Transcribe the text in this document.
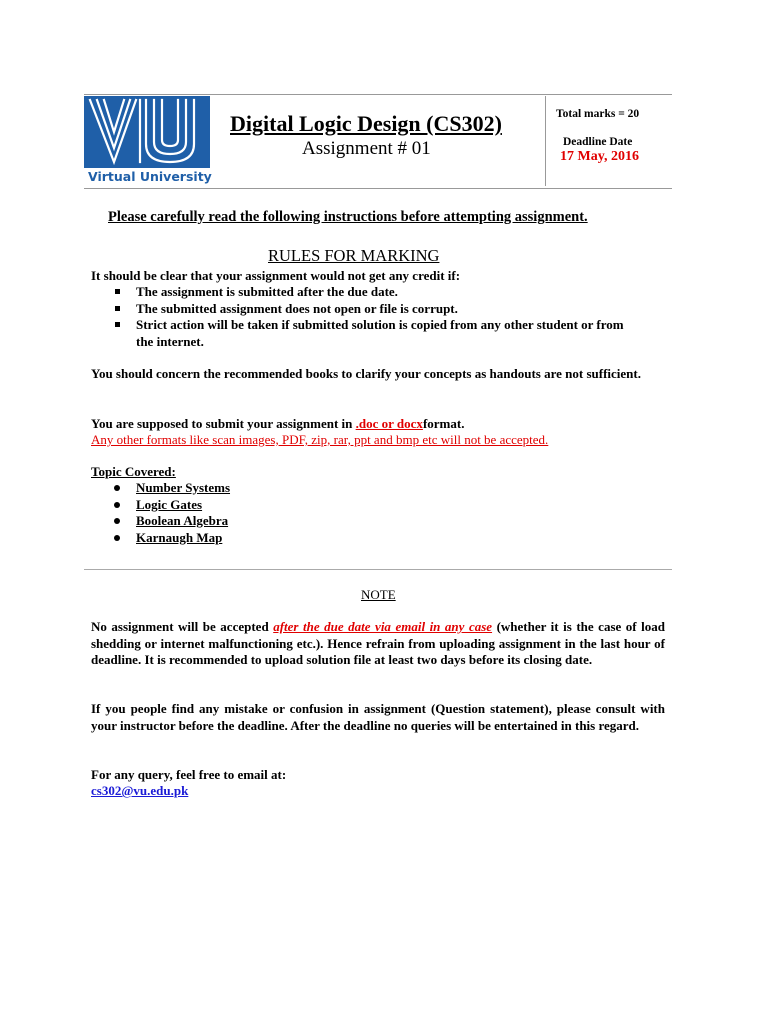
Virtual University
Digital Logic Design (CS302)
Assignment # 01
Total marks = 20
Deadline Date
17 May, 2016
Please carefully read the following instructions before attempting assignment.
RULES FOR MARKING
It should be clear that your assignment would not get any credit if:
The assignment is submitted after the due date.
The submitted assignment does not open or file is corrupt.
Strict action will be taken if submitted solution is copied from any other student or from
the internet.
You should concern the recommended books to clarify your concepts as handouts are not sufficient.
You are supposed to submit your assignment in .doc or docxformat.
Any other formats like scan images, PDF, zip, rar, ppt and bmp etc will not be accepted.
Topic Covered:
Number Systems
Logic Gates
Boolean Algebra
Karnaugh Map
NOTE
No assignment will be accepted after the due date via email in any case (whether it is the case of load shedding or internet malfunctioning etc.). Hence refrain from uploading assignment in the last hour of deadline. It is recommended to upload solution file at least two days before its closing date.
If you people find any mistake or confusion in assignment (Question statement), please consult with your instructor before the deadline. After the deadline no queries will be entertained in this regard.
For any query, feel free to email at:
cs302@vu.edu.pk
